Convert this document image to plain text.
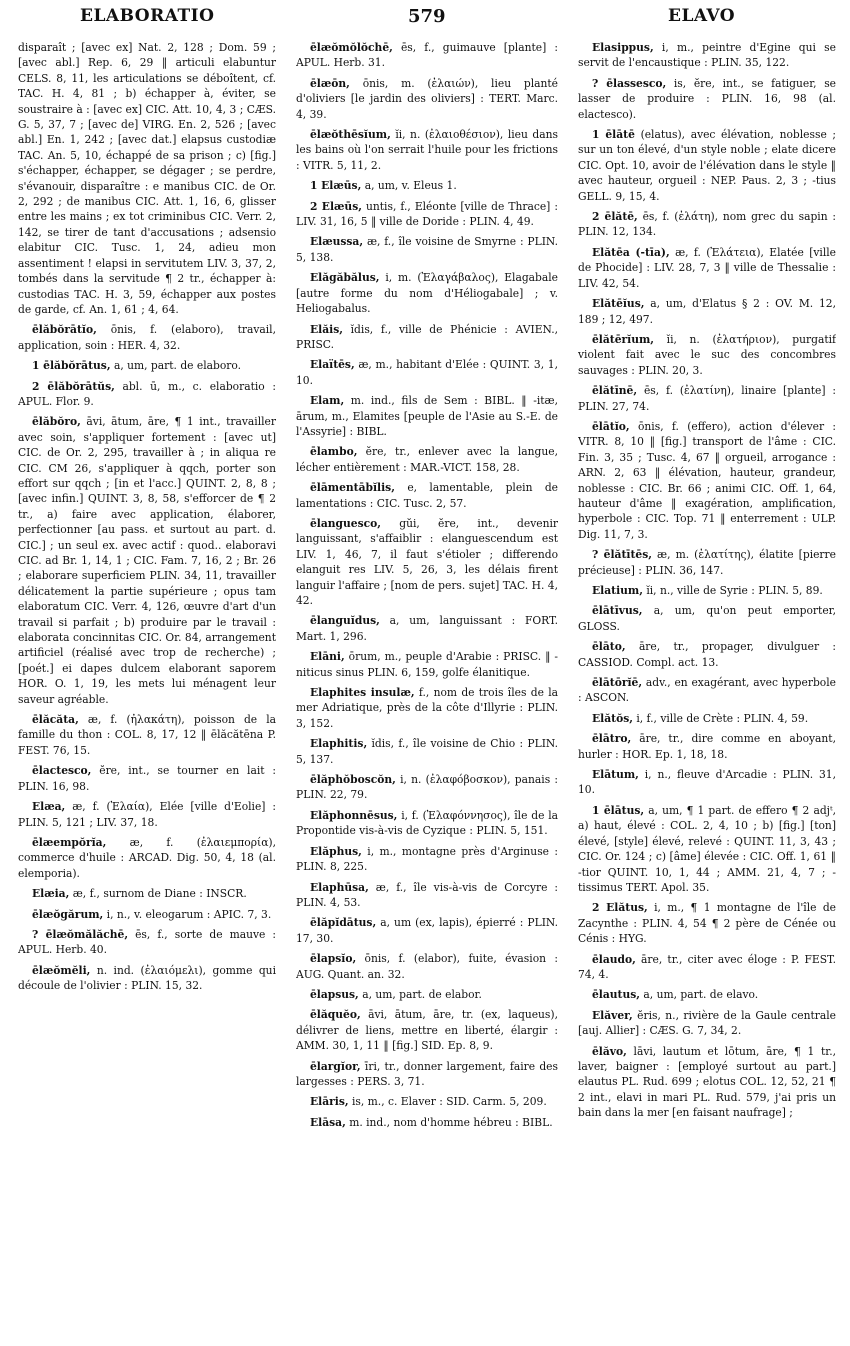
ELABORATIO	579	ELAVO

disparaît ; [avec ex] Nat. 2, 128 ; Dom. 59 ; [avec abl.] Rep. 6, 29 ‖ articuli elabuntur CELS. 8, 11, les articulations se déboîtent, cf. TAC. H. 4, 81 ; b) échapper à, éviter, se soustraire à : [avec ex] CIC. Att. 10, 4, 3 ; CÆS. G. 5, 37, 7 ; [avec de] VIRG. En. 2, 526 ; [avec abl.] En. 1, 242 ; [avec dat.] elapsus custodiæ TAC. An. 5, 10, échappé de sa prison ; c) [fig.] s'échapper, échapper, se dégager ; se perdre, s'évanouir, disparaître : e manibus CIC. de Or. 2, 292 ; de manibus CIC. Att. 1, 16, 6, glisser entre les mains ; ex tot criminibus CIC. Verr. 2, 142, se tirer de tant d'accusations ; adsensio elabitur CIC. Tusc. 1, 24, adieu mon assentiment ! elapsi in servitutem LIV. 3, 37, 2, tombés dans la servitude ¶ 2 tr., échapper à: custodias TAC. H. 3, 59, échapper aux postes de garde, cf. An. 1, 61 ; 4, 64.

ēlăbŏrātĭo, ōnis, f. (elaboro), travail, application, soin : HER. 4, 32.

1 ēlăbŏrātus, a, um, part. de elaboro.

2 ēlăbŏrātŭs, abl. ū, m., c. elaboratio : APUL. Flor. 9.

ēlăbŏro, āvi, ātum, āre, ¶ 1 int., travailler avec soin, s'appliquer fortement : [avec ut] CIC. de Or. 2, 295, travailler à ; in aliqua re CIC. CM 26, s'appliquer à qqch, porter son effort sur qqch ; [in et l'acc.] QUINT. 2, 8, 8 ; [avec infin.] QUINT. 3, 8, 58, s'efforcer de ¶ 2 tr., a) faire avec application, élaborer, perfectionner [au pass. et surtout au part. d. CIC.] ; un seul ex. avec actif : quod.. elaboravi CIC. ad Br. 1, 14, 1 ; CIC. Fam. 7, 16, 2 ; Br. 26 ; elaborare superficiem PLIN. 34, 11, travailler délicatement la partie supérieure ; opus tam elaboratum CIC. Verr. 4, 126, œuvre d'art d'un travail si parfait ; b) produire par le travail : elaborata concinnitas CIC. Or. 84, arrangement artificiel (réalisé avec trop de recherche) ; [poét.] ei dapes dulcem elaborant saporem HOR. O. 1, 19, les mets lui ménagent leur saveur agréable.

ēlăcăta, æ, f. (ἠλακάτη), poisson de la famille du thon : COL. 8, 17, 12 ‖ ēlăcătēna P. FEST. 76, 15.

ēlactesco, ĕre, int., se tourner en lait : PLIN. 16, 98.

Elæa, æ, f. (Ἐλαία), Elée [ville d'Eolie] : PLIN. 5, 121 ; LIV. 37, 18.

ēlæempŏrĭa, æ, f. (ἐλαιεμπορία), commerce d'huile : ARCAD. Dig. 50, 4, 18 (al. elemporia).

Elæia, æ, f., surnom de Diane : INSCR.

ēlæŏgărum, i, n., v. eleogarum : APIC. 7, 3.

? ēlæŏmălăchē, ēs, f., sorte de mauve : APUL. Herb. 40.

ēlæŏmĕli, n. ind. (ἐλαιόμελι), gomme qui découle de l'olivier : PLIN. 15, 32.

ēlæŏmŏlŏchē, ēs, f., guimauve [plante] : APUL. Herb. 31.

ēlæōn, ōnis, m. (ἐλαιών), lieu planté d'oliviers [le jardin des oliviers] : TERT. Marc. 4, 39.

ēlæŏthēsĭum, ĭi, n. (ἐλαιοθέσιον), lieu dans les bains où l'on serrait l'huile pour les frictions : VITR. 5, 11, 2.

1 Elæūs, a, um, v. Eleus 1.

2 Elæūs, untis, f., Eléonte [ville de Thrace] : LIV. 31, 16, 5 ‖ ville de Doride : PLIN. 4, 49.

Elæussa, æ, f., île voisine de Smyrne : PLIN. 5, 138.

Elăgăbălus, i, m. (Ἐλαγάβαλος), Elagabale [autre forme du nom d'Héliogabale] ; v. Heliogabalus.

Elăis, ĭdis, f., ville de Phénicie : AVIEN., PRISC.

Elaïtēs, æ, m., habitant d'Elée : QUINT. 3, 1, 10.

Elam, m. ind., fils de Sem : BIBL. ‖ -itæ, ārum, m., Elamites [peuple de l'Asie au S.-E. de l'Assyrie] : BIBL.

ēlambo, ĕre, tr., enlever avec la langue, lécher entièrement : MAR.-VICT. 158, 28.

ēlāmentābĭlis, e, lamentable, plein de lamentations : CIC. Tusc. 2, 57.

ēlanguesco, gŭi, ĕre, int., devenir languissant, s'affaiblir : elanguescendum est LIV. 1, 46, 7, il faut s'étioler ; differendo elanguit res LIV. 5, 26, 3, les délais firent languir l'affaire ; [nom de pers. sujet] TAC. H. 4, 42.

ēlanguĭdus, a, um, languissant : FORT. Mart. 1, 296.

Elāni, ōrum, m., peuple d'Arabie : PRISC. ‖ -niticus sinus PLIN. 6, 159, golfe élanitique.

Elaphites insulæ, f., nom de trois îles de la mer Adriatique, près de la côte d'Illyrie : PLIN. 3, 152.

Elaphitis, ĭdis, f., île voisine de Chio : PLIN. 5, 137.

ēlăphŏboscŏn, i, n. (ἐλαφόβοσκον), panais : PLIN. 22, 79.

Elăphonnēsus, i, f. (Ἐλαφόννησος), île de la Propontide vis-à-vis de Cyzique : PLIN. 5, 151.

Elăphus, i, m., montagne près d'Arginuse : PLIN. 8, 225.

Elaphūsa, æ, f., île vis-à-vis de Corcyre : PLIN. 4, 53.

ēlăpĭdātus, a, um (ex, lapis), épierré : PLIN. 17, 30.

ēlapsĭo, ōnis, f. (elabor), fuite, évasion : AUG. Quant. an. 32.

ēlapsus, a, um, part. de elabor.

ēlăquĕo, āvi, ātum, āre, tr. (ex, laqueus), délivrer de liens, mettre en liberté, élargir : AMM. 30, 1, 11 ‖ [fig.] SID. Ep. 8, 9.

ēlargĭor, īri, tr., donner largement, faire des largesses : PERS. 3, 71.

Elāris, is, m., c. Elaver : SID. Carm. 5, 209.

Elāsa, m. ind., nom d'homme hébreu : BIBL.

Elasippus, i, m., peintre d'Egine qui se servit de l'encaustique : PLIN. 35, 122.

? ēlassesco, is, ĕre, int., se fatiguer, se lasser de produire : PLIN. 16, 98 (al. elactesco).

1 ēlātē (elatus), avec élévation, noblesse ; sur un ton élevé, d'un style noble ; elate dicere CIC. Opt. 10, avoir de l'élévation dans le style ‖ avec hauteur, orgueil : NEP. Paus. 2, 3 ; -tius GELL. 9, 15, 4.

2 ēlătē, ēs, f. (ἐλάτη), nom grec du sapin : PLIN. 12, 134.

Elătēa (-tīa), æ, f. (Ἐλάτεια), Elatée [ville de Phocide] : LIV. 28, 7, 3 ‖ ville de Thessalie : LIV. 42, 54.

Elătēĭus, a, um, d'Elatus § 2 : OV. M. 12, 189 ; 12, 497.

ēlătērĭum, ĭi, n. (ἐλατήριον), purgatif violent fait avec le suc des concombres sauvages : PLIN. 20, 3.

ēlătīnē, ēs, f. (ἐλατίνη), linaire [plante] : PLIN. 27, 74.

ēlātĭo, ōnis, f. (effero), action d'élever : VITR. 8, 10 ‖ [fig.] transport de l'âme : CIC. Fin. 3, 35 ; Tusc. 4, 67 ‖ orgueil, arrogance : ARN. 2, 63 ‖ élévation, hauteur, grandeur, noblesse : CIC. Br. 66 ; animi CIC. Off. 1, 64, hauteur d'âme ‖ exagération, amplification, hyperbole : CIC. Top. 71 ‖ enterrement : ULP. Dig. 11, 7, 3.

? ēlătītēs, æ, m. (ἐλατίτης), élatite [pierre précieuse] : PLIN. 36, 147.

Elatium, ĭi, n., ville de Syrie : PLIN. 5, 89.

ēlātīvus, a, um, qu'on peut emporter, GLOSS.

ēlāto, āre, tr., propager, divulguer : CASSIOD. Compl. act. 13.

ēlātōrĭē, adv., en exagérant, avec hyperbole : ASCON.

Elătŏs, i, f., ville de Crète : PLIN. 4, 59.

ēlātro, āre, tr., dire comme en aboyant, hurler : HOR. Ep. 1, 18, 18.

Elātum, i, n., fleuve d'Arcadie : PLIN. 31, 10.

1 ēlātus, a, um, ¶ 1 part. de effero ¶ 2 adjᵗ, a) haut, élevé : COL. 2, 4, 10 ; b) [fig.] [ton] élevé, [style] élevé, relevé : QUINT. 11, 3, 43 ; CIC. Or. 124 ; c) [âme] élevée : CIC. Off. 1, 61 ‖ -tior QUINT. 10, 1, 44 ; AMM. 21, 4, 7 ; -tissimus TERT. Apol. 35.

2 Elătus, i, m., ¶ 1 montagne de l'île de Zacynthe : PLIN. 4, 54 ¶ 2 père de Cénée ou Cénis : HYG.

ēlaudo, āre, tr., citer avec éloge : P. FEST. 74, 4.

ēlautus, a, um, part. de elavo.

Elăver, ĕris, n., rivière de la Gaule centrale [auj. Allier] : CÆS. G. 7, 34, 2.

ēlăvo, lāvi, lautum et lōtum, āre, ¶ 1 tr., laver, baigner : [employé surtout au part.] elautus PL. Rud. 699 ; elotus COL. 12, 52, 21 ¶ 2 int., elavi in mari PL. Rud. 579, j'ai pris un bain dans la mer [en faisant naufrage] ;
